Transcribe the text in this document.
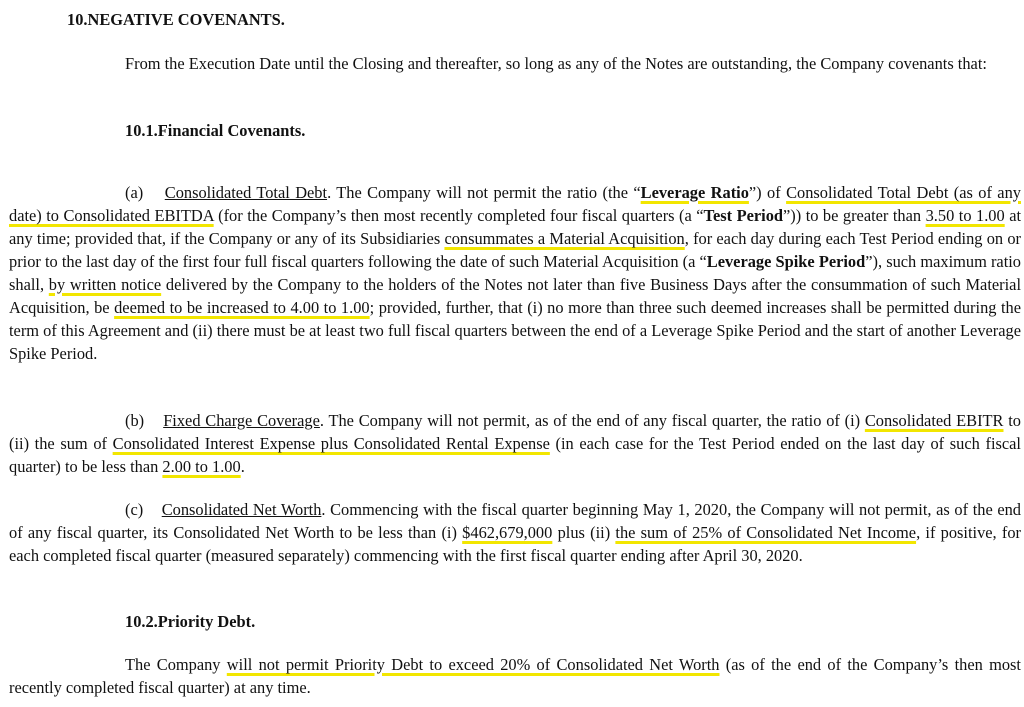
10.NEGATIVE COVENANTS.

From the Execution Date until the Closing and thereafter, so long as any of the Notes are outstanding, the Company covenants that:

10.1.Financial Covenants.

(a) Consolidated Total Debt. The Company will not permit the ratio (the “Leverage Ratio”) of Consolidated Total Debt (as of any date) to Consolidated EBITDA (for the Company’s then most recently completed four fiscal quarters (a “Test Period”)) to be greater than 3.50 to 1.00 at any time; provided that, if the Company or any of its Subsidiaries consummates a Material Acquisition, for each day during each Test Period ending on or prior to the last day of the first four full fiscal quarters following the date of such Material Acquisition (a “Leverage Spike Period”), such maximum ratio shall, by written notice delivered by the Company to the holders of the Notes not later than five Business Days after the consummation of such Material Acquisition, be deemed to be increased to 4.00 to 1.00; provided, further, that (i) no more than three such deemed increases shall be permitted during the term of this Agreement and (ii) there must be at least two full fiscal quarters between the end of a Leverage Spike Period and the start of another Leverage Spike Period.

(b) Fixed Charge Coverage. The Company will not permit, as of the end of any fiscal quarter, the ratio of (i) Consolidated EBITR to (ii) the sum of Consolidated Interest Expense plus Consolidated Rental Expense (in each case for the Test Period ended on the last day of such fiscal quarter) to be less than 2.00 to 1.00.

(c) Consolidated Net Worth. Commencing with the fiscal quarter beginning May 1, 2020, the Company will not permit, as of the end of any fiscal quarter, its Consolidated Net Worth to be less than (i) $462,679,000 plus (ii) the sum of 25% of Consolidated Net Income, if positive, for each completed fiscal quarter (measured separately) commencing with the first fiscal quarter ending after April 30, 2020.

10.2.Priority Debt.

The Company will not permit Priority Debt to exceed 20% of Consolidated Net Worth (as of the end of the Company’s then most recently completed fiscal quarter) at any time.
